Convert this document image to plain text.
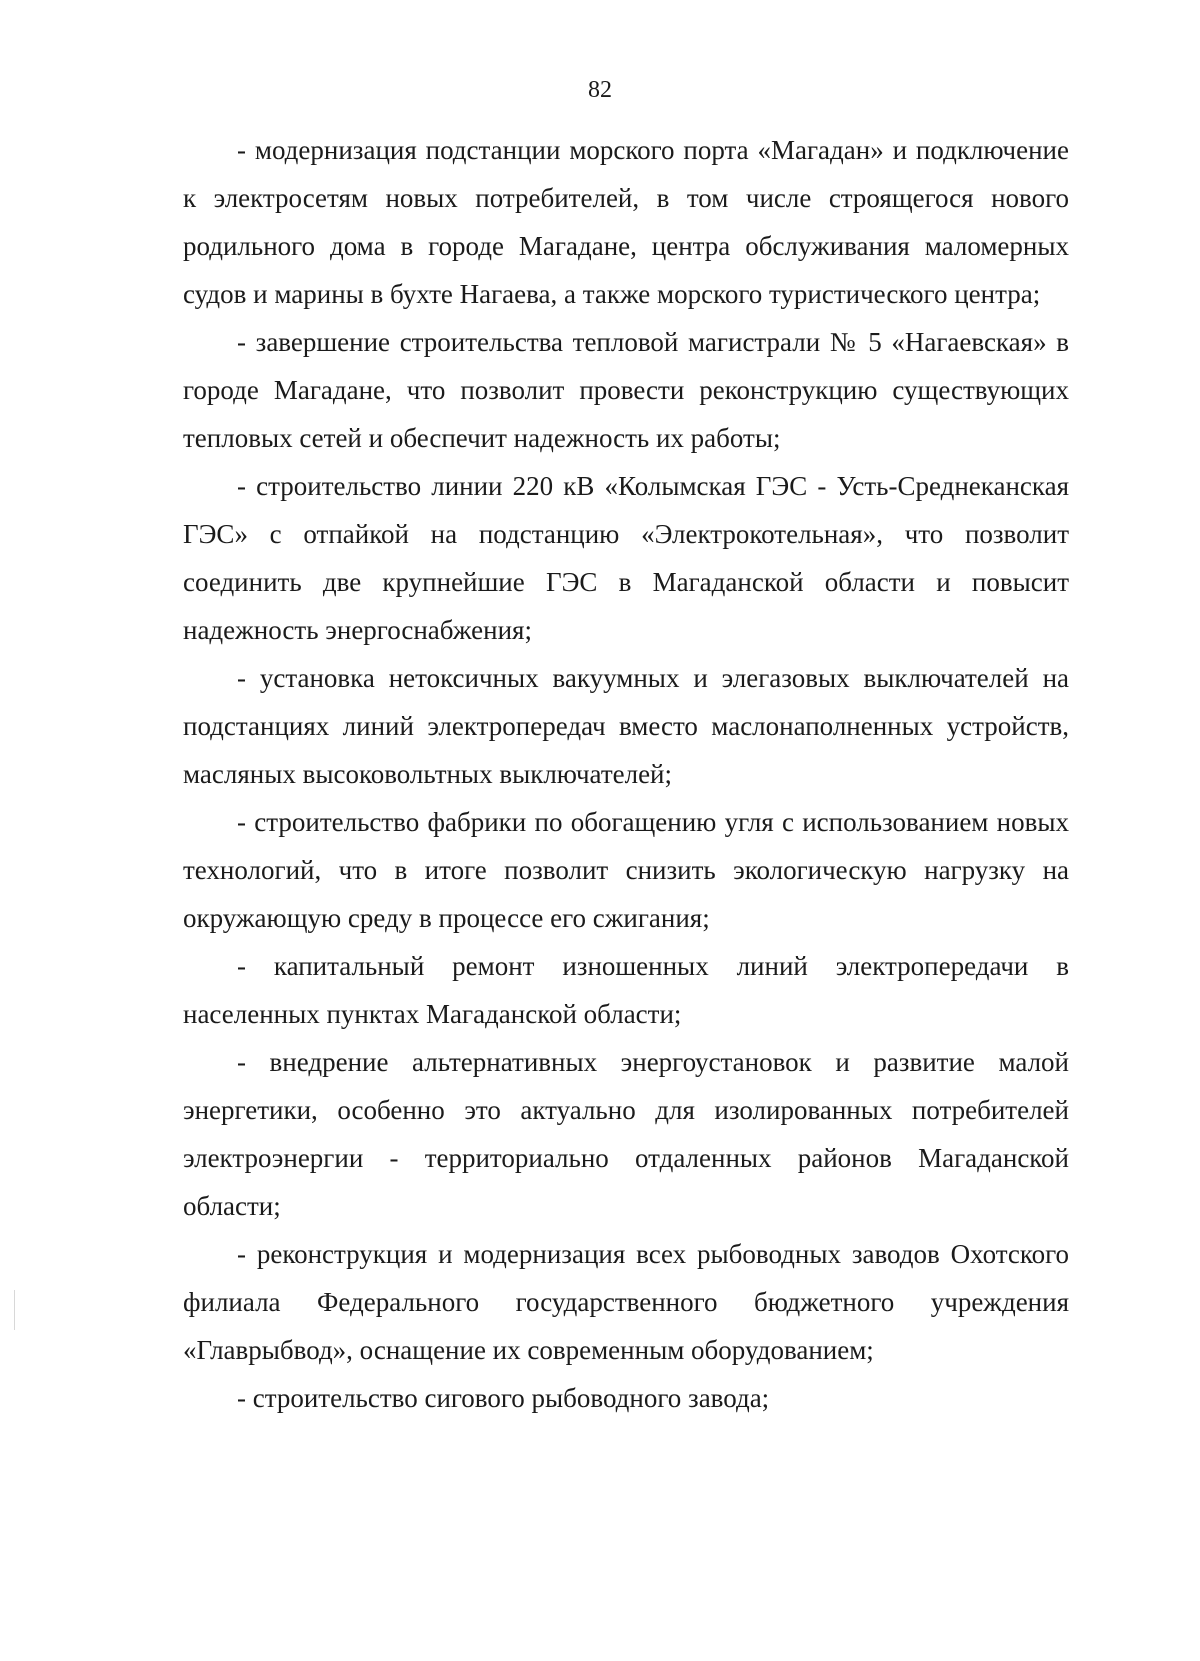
82

- модернизация подстанции морского порта «Магадан» и подключение к электросетям новых потребителей, в том числе строящегося нового родильного дома в городе Магадане, центра обслуживания маломерных судов и марины в бухте Нагаева, а также морского туристического центра;

- завершение строительства тепловой магистрали № 5 «Нагаевская» в городе Магадане, что позволит провести реконструкцию существующих тепловых сетей и обеспечит надежность их работы;

- строительство линии 220 кВ «Колымская ГЭС - Усть-Среднеканская ГЭС» с отпайкой на подстанцию «Электрокотельная», что позволит соединить две крупнейшие ГЭС в Магаданской области и повысит надежность энергоснабжения;

- установка нетоксичных вакуумных и элегазовых выключателей на подстанциях линий электропередач вместо маслонаполненных устройств, масляных высоковольтных выключателей;

- строительство фабрики по обогащению угля с использованием новых технологий, что в итоге позволит снизить экологическую нагрузку на окружающую среду в процессе его сжигания;

- капитальный ремонт изношенных линий электропередачи в населенных пунктах Магаданской области;

- внедрение альтернативных энергоустановок и развитие малой энергетики, особенно это актуально для изолированных потребителей электроэнергии - территориально отдаленных районов Магаданской области;

- реконструкция и модернизация всех рыбоводных заводов Охотского филиала Федерального государственного бюджетного учреждения «Главрыбвод», оснащение их современным оборудованием;

- строительство сигового рыбоводного завода;
